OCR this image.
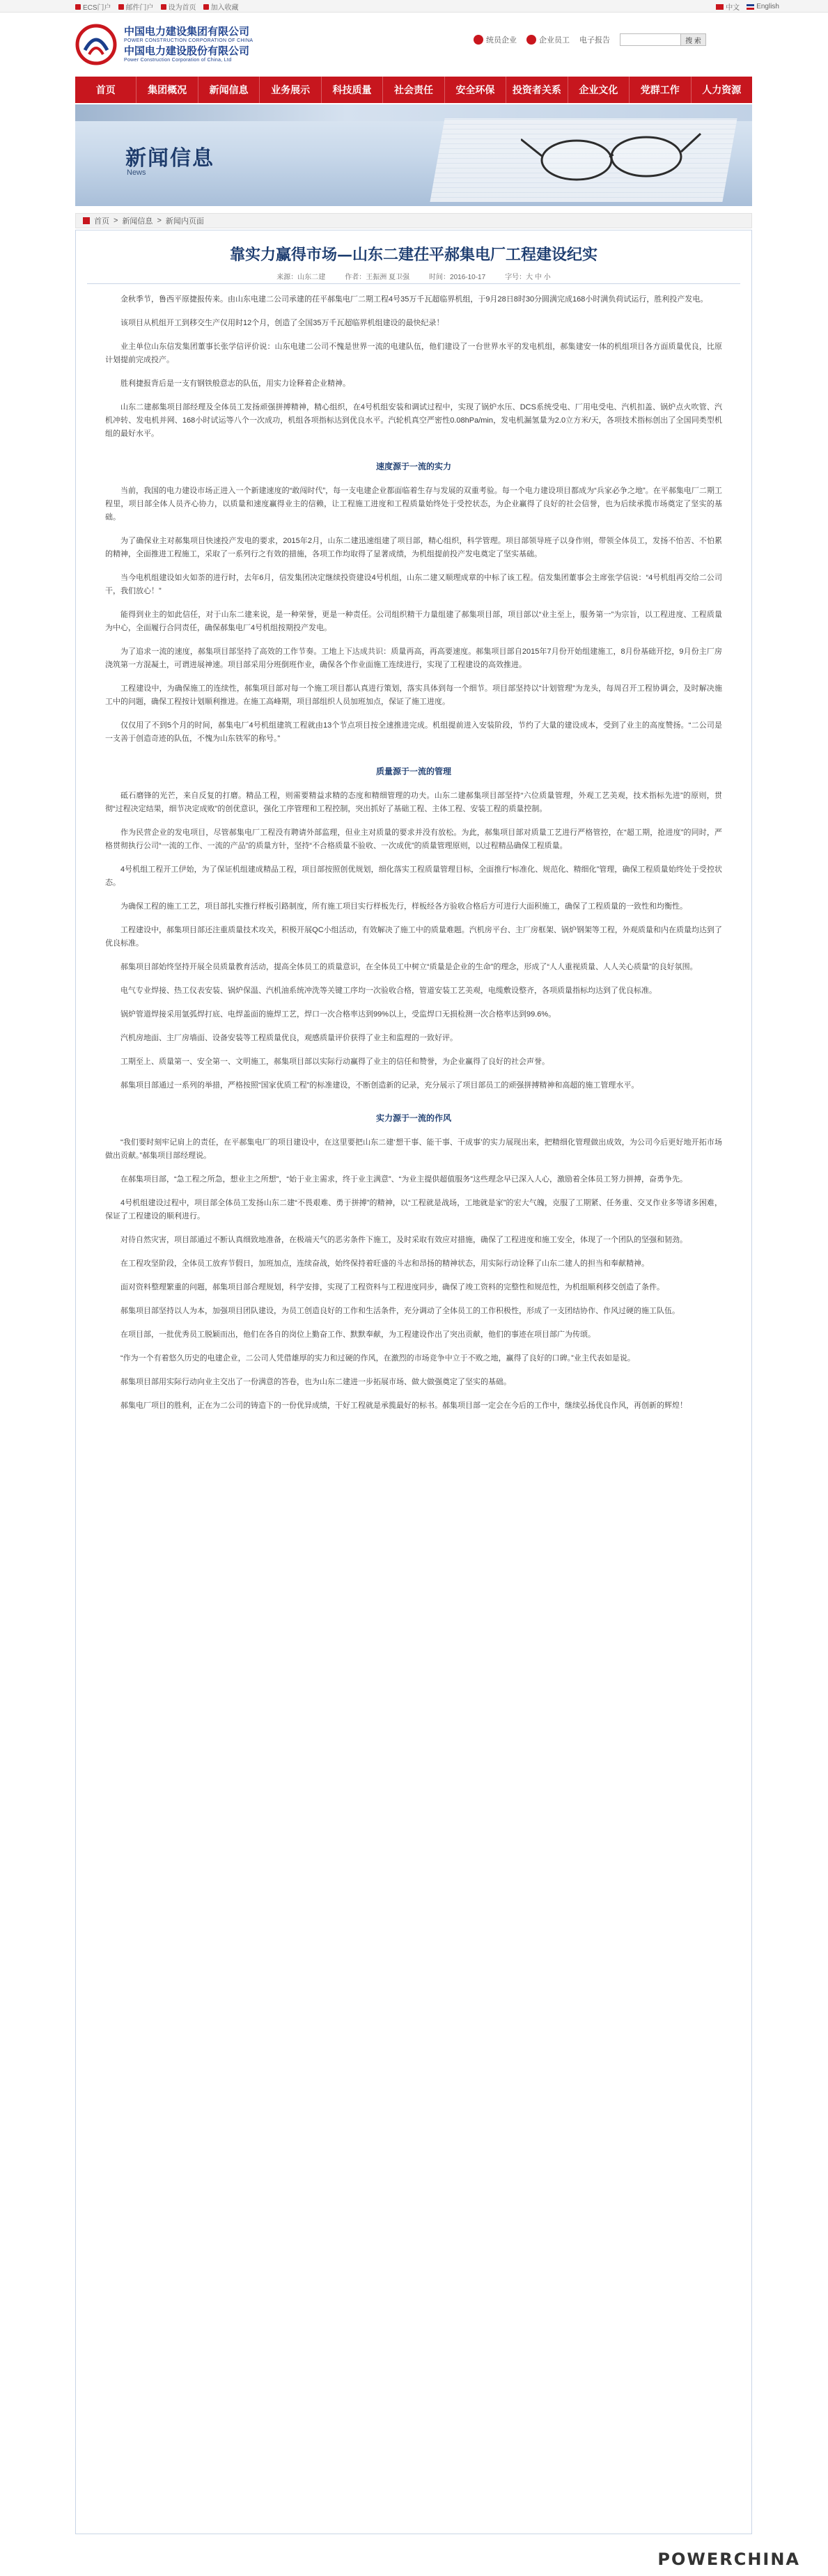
ECS门户 邮件门户 设为首页 加入收藏	中文 English
中国电力建设集团有限公司
POWER CONSTRUCTION CORPORATION OF CHINA
中国电力建设股份有限公司
Power Construction Corporation of China, Ltd
统员企业	企业员工 电子报告	搜 索
首页	集团概况	新闻信息	业务展示	科技质量	社会责任	安全环保	投资者关系	企业文化	党群工作	人力资源
新闻信息
News
首页 > 新闻信息 > 新闻内页面
靠实力赢得市场—山东二建茌平郝集电厂工程建设纪实
来源：山东二建	作者：王振洲 夏卫强	时间：2016-10-17	字号：大 中 小

金秋季节，鲁西平原捷报传来。由山东电建二公司承建的茌平郝集电厂二期工程4号35万千瓦超临界机组，于9月28日8时30分圆满完成168小时满负荷试运行，胜利投产发电。

该项目从机组开工到移交生产仅用时12个月，创造了全国35万千瓦超临界机组建设的最快纪录！

业主单位山东信发集团董事长张学信评价说：山东电建二公司不愧是世界一流的电建队伍，他们建设了一台世界水平的发电机组，郝集建安一体的机组项目各方面质量优良，比原计划提前完成投产。

胜利捷报背后是一支有钢铁般意志的队伍，用实力诠释着企业精神。

山东二建郝集项目部经理及全体员工发扬顽强拼搏精神，精心组织，在4号机组安装和调试过程中，实现了锅炉水压、DCS系统受电、厂用电受电、汽机扣盖、锅炉点火吹管、汽机冲转、发电机并网、168小时试运等八个一次成功，机组各项指标达到优良水平。汽轮机真空严密性0.08hPa/min，发电机漏氢量为2.0立方米/天，各项技术指标创出了全国同类型机组的最好水平。

速度源于一流的实力

当前，我国的电力建设市场正进入一个新建速度的“敢闯时代”，每一支电建企业都面临着生存与发展的双重考验。每一个电力建设项目都成为“兵家必争之地”。在平郝集电厂二期工程里，项目部全体人员齐心协力，以质量和速度赢得业主的信赖，让工程施工进度和工程质量始终处于受控状态，为企业赢得了良好的社会信誉，也为后续承揽市场奠定了坚实的基础。

为了确保业主对郝集项目快速投产发电的要求，2015年2月，山东二建迅速组建了项目部，精心组织，科学管理。项目部领导班子以身作则，带领全体员工，发扬不怕苦、不怕累的精神，全面推进工程施工，采取了一系列行之有效的措施，各项工作均取得了显著成绩，为机组提前投产发电奠定了坚实基础。

当今电机组建设如火如荼的进行时，去年6月，信发集团决定继续投资建设4号机组，山东二建又顺理成章的中标了该工程。信发集团董事会主席张学信说：“4号机组再交给二公司干，我们放心！”

能得到业主的如此信任，对于山东二建来说，是一种荣誉，更是一种责任。公司组织精干力量组建了郝集项目部，项目部以“业主至上，服务第一”为宗旨，以工程进度、工程质量为中心，全面履行合同责任，确保郝集电厂4号机组按期投产发电。

为了追求一流的速度，郝集项目部坚持了高效的工作节奏。工地上下达成共识：质量再高，再高要速度。郝集项目部自2015年7月份开始组建施工，8月份基础开挖，9月份主厂房浇筑第一方混凝土，可谓进展神速。项目部采用分班倒班作业，确保各个作业面施工连续进行，实现了工程建设的高效推进。

工程建设中，为确保施工的连续性，郝集项目部对每一个施工项目都认真进行策划，落实具体到每一个细节。项目部坚持以“计划管理”为龙头，每周召开工程协调会，及时解决施工中的问题，确保工程按计划顺利推进。在施工高峰期，项目部组织人员加班加点，保证了施工进度。

仅仅用了不到5个月的时间，郝集电厂4号机组建筑工程就由13个节点项目按全速推进完成。机组提前进入安装阶段，节约了大量的建设成本，受到了业主的高度赞扬。“二公司是一支善于创造奇迹的队伍，不愧为山东铁军的称号。”

质量源于一流的管理

砥石磨锋的光芒，来自反复的打磨。精品工程，则需要精益求精的态度和精细管理的功夫。山东二建郝集项目部坚持“六位质量管理，外观工艺美观，技术指标先进”的原则，贯彻“过程决定结果，细节决定成败”的创优意识，强化工序管理和工程控制，突出抓好了基础工程、主体工程、安装工程的质量控制。

作为民营企业的发电项目，尽管郝集电厂工程没有聘请外部监理，但业主对质量的要求并没有放松。为此，郝集项目部对质量工艺进行严格管控，在“超工期，抢进度”的同时，严格贯彻执行公司“一流的工作、一流的产品”的质量方针，坚持“不合格质量不验收、一次成优”的质量管理原则，以过程精品确保工程质量。

4号机组工程开工伊始，为了保证机组建成精品工程，项目部按照创优规划，细化落实工程质量管理目标，全面推行“标准化、规范化、精细化”管理，确保工程质量始终处于受控状态。

为确保工程的施工工艺，项目部扎实推行样板引路制度，所有施工项目实行样板先行，样板经各方验收合格后方可进行大面积施工，确保了工程质量的一致性和均衡性。

工程建设中，郝集项目部还注重质量技术攻关，积极开展QC小组活动，有效解决了施工中的质量难题。汽机房平台、主厂房框架、锅炉钢架等工程，外观质量和内在质量均达到了优良标准。

郝集项目部始终坚持开展全员质量教育活动，提高全体员工的质量意识，在全体员工中树立“质量是企业的生命”的理念，形成了“人人重视质量、人人关心质量”的良好氛围。

电气专业焊接、热工仪表安装、锅炉保温、汽机油系统冲洗等关键工序均一次验收合格，管道安装工艺美观，电缆敷设整齐，各项质量指标均达到了优良标准。

锅炉管道焊接采用氩弧焊打底、电焊盖面的施焊工艺，焊口一次合格率达到99%以上，受监焊口无损检测一次合格率达到99.6%。

汽机房地面、主厂房墙面、设备安装等工程质量优良，观感质量评价获得了业主和监理的一致好评。

工期至上、质量第一、安全第一、文明施工，郝集项目部以实际行动赢得了业主的信任和赞誉，为企业赢得了良好的社会声誉。

郝集项目部通过一系列的举措，严格按照“国家优质工程”的标准建设，不断创造新的记录，充分展示了项目部员工的顽强拼搏精神和高超的施工管理水平。

实力源于一流的作风

“我们要时刻牢记肩上的责任，在平郝集电厂的项目建设中，在这里要把山东二建‘想干事、能干事、干成事’的实力展现出来，把精细化管理做出成效，为公司今后更好地开拓市场做出贡献。”郝集项目部经理说。

在郝集项目部，“急工程之所急，想业主之所想”，“始于业主需求，终于业主满意”、“为业主提供超值服务”这些理念早已深入人心，激励着全体员工努力拼搏，奋勇争先。

4号机组建设过程中，项目部全体员工发扬山东二建“不畏艰难、勇于拼搏”的精神，以“工程就是战场，工地就是家”的宏大气魄，克服了工期紧、任务重、交叉作业多等诸多困难，保证了工程建设的顺利进行。

对待自然灾害，项目部通过不断认真细致地准备，在极端天气的恶劣条件下施工，及时采取有效应对措施，确保了工程进度和施工安全，体现了一个团队的坚强和韧劲。

在工程攻坚阶段，全体员工放弃节假日，加班加点，连续奋战，始终保持着旺盛的斗志和昂扬的精神状态，用实际行动诠释了山东二建人的担当和奉献精神。

面对资料整理繁重的问题，郝集项目部合理规划，科学安排，实现了工程资料与工程进度同步，确保了竣工资料的完整性和规范性，为机组顺利移交创造了条件。

郝集项目部坚持以人为本，加强项目团队建设，为员工创造良好的工作和生活条件，充分调动了全体员工的工作积极性，形成了一支团结协作、作风过硬的施工队伍。

在项目部，一批优秀员工脱颖而出，他们在各自的岗位上勤奋工作、默默奉献，为工程建设作出了突出贡献，他们的事迹在项目部广为传颂。

“作为一个有着悠久历史的电建企业，二公司人凭借雄厚的实力和过硬的作风，在激烈的市场竞争中立于不败之地，赢得了良好的口碑。”业主代表如是说。

郝集项目部用实际行动向业主交出了一份满意的答卷，也为山东二建进一步拓展市场、做大做强奠定了坚实的基础。

郝集电厂项目的胜利，正在为二公司的铸造下的一份优异成绩，干好工程就是承揽最好的标书。郝集项目部一定会在今后的工作中，继续弘扬优良作风，再创新的辉煌！

POWERCHINA
